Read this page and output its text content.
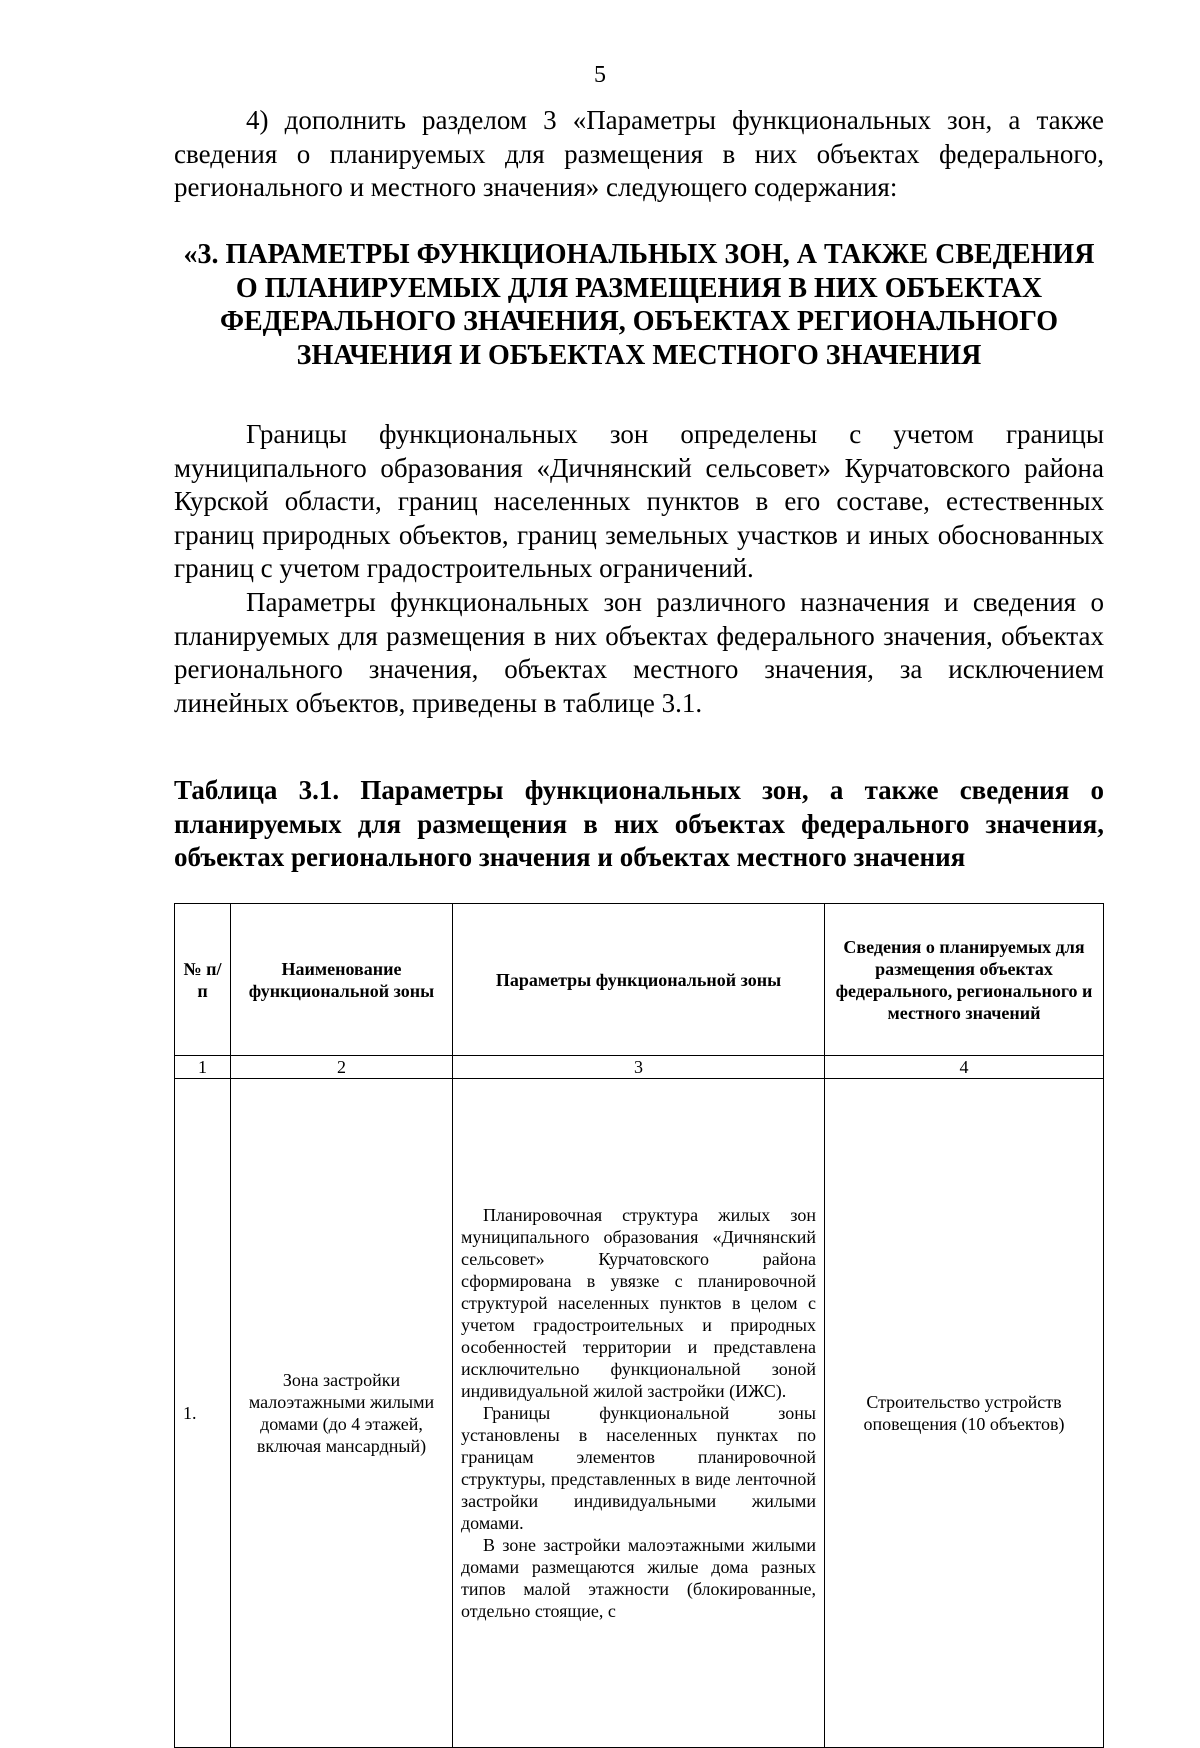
5

4) дополнить разделом 3 «Параметры функциональных зон, а также сведения о планируемых для размещения в них объектах федерального, регионального и местного значения» следующего содержания:

«3. ПАРАМЕТРЫ ФУНКЦИОНАЛЬНЫХ ЗОН, А ТАКЖЕ СВЕДЕНИЯ О ПЛАНИРУЕМЫХ ДЛЯ РАЗМЕЩЕНИЯ В НИХ ОБЪЕКТАХ ФЕДЕРАЛЬНОГО ЗНАЧЕНИЯ, ОБЪЕКТАХ РЕГИОНАЛЬНОГО ЗНАЧЕНИЯ И ОБЪЕКТАХ МЕСТНОГО ЗНАЧЕНИЯ

Границы функциональных зон определены с учетом границы муниципального образования «Дичнянский сельсовет» Курчатовского района Курской области, границ населенных пунктов в его составе, естественных границ природных объектов, границ земельных участков и иных обоснованных границ с учетом градостроительных ограничений.

Параметры функциональных зон различного назначения и сведения о планируемых для размещения в них объектах федерального значения, объектах регионального значения, объектах местного значения, за исключением линейных объектов, приведены в таблице 3.1.

Таблица 3.1. Параметры функциональных зон, а также сведения о планируемых для размещения в них объектах федерального значения, объектах регионального значения и объектах местного значения

№ п/п	Наименование функциональной зоны	Параметры функциональной зоны	Сведения о планируемых для размещения объектах федерального, регионального и местного значений
1	2	3	4
1.	Зона застройки малоэтажными жилыми домами (до 4 этажей, включая мансардный)	Планировочная структура жилых зон муниципального образования «Дичнянский сельсовет» Курчатовского района сформирована в увязке с планировочной структурой населенных пунктов в целом с учетом градостроительных и природных особенностей территории и представлена исключительно функциональной зоной индивидуальной жилой застройки (ИЖС).

Границы функциональной зоны установлены в населенных пунктах по границам элементов планировочной структуры, представленных в виде ленточной застройки индивидуальными жилыми домами.

В зоне застройки малоэтажными жилыми домами размещаются жилые дома разных типов малой этажности (блокированные, отдельно стоящие, с	Строительство устройств оповещения (10 объектов)
